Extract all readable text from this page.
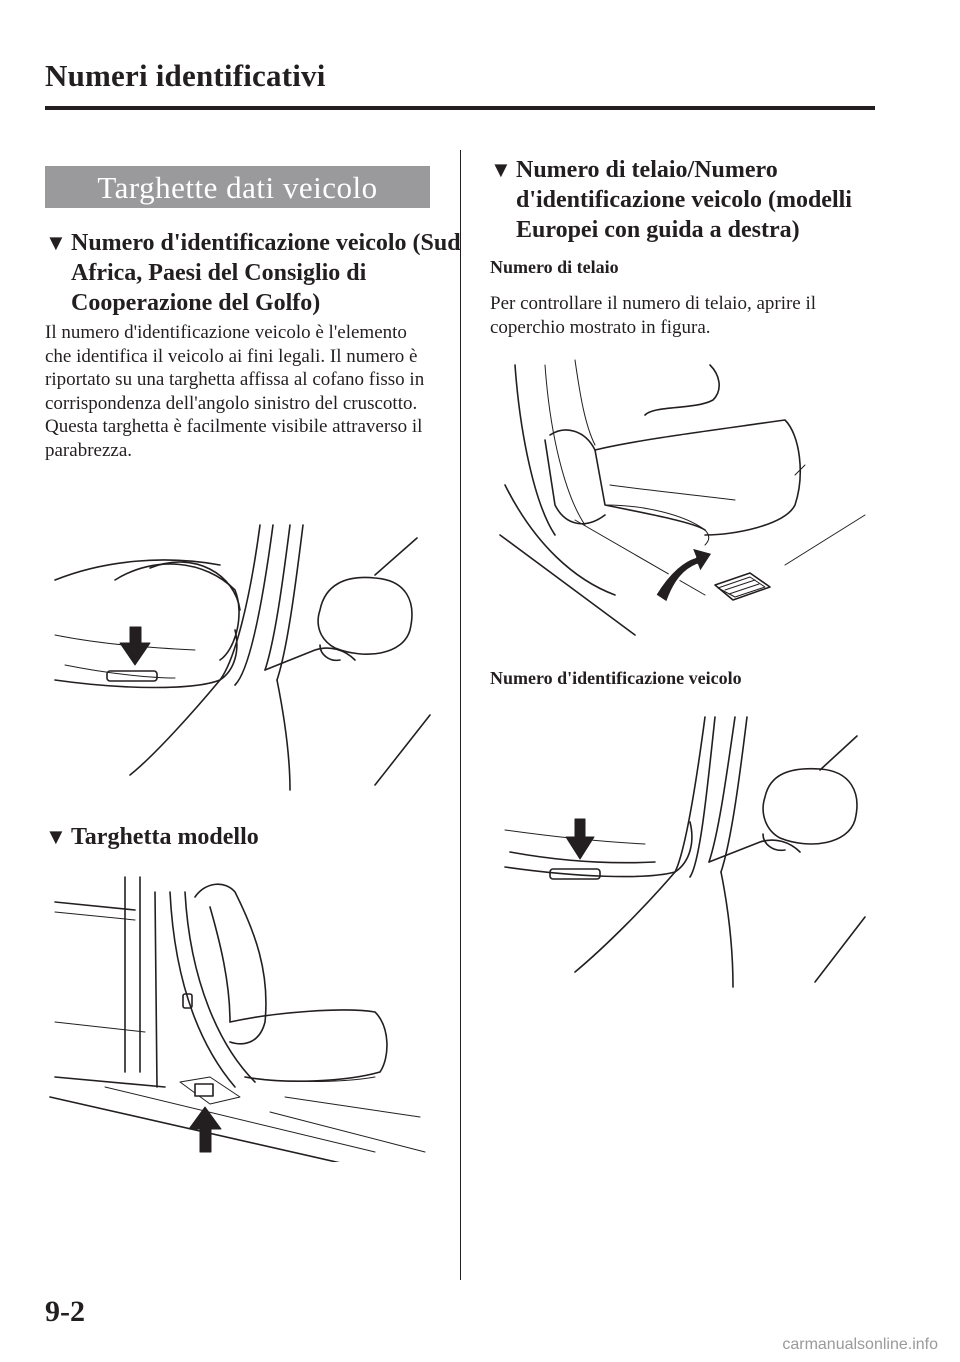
Numeri identificativi
Targhette dati veicolo
▼ Numero d'identificazione veicolo (Sud Africa, Paesi del Consiglio di Cooperazione del Golfo)
Il numero d'identificazione veicolo è l'elemento che identifica il veicolo ai fini legali. Il numero è riportato su una targhetta affissa al cofano fisso in corrispondenza dell'angolo sinistro del cruscotto. Questa targhetta è facilmente visibile attraverso il parabrezza.
▼ Targhetta modello
▼ Numero di telaio/Numero d'identificazione veicolo (modelli Europei con guida a destra)
Numero di telaio
Per controllare il numero di telaio, aprire il coperchio mostrato in figura.
Numero d'identificazione veicolo
9-2
carmanualsonline.info
